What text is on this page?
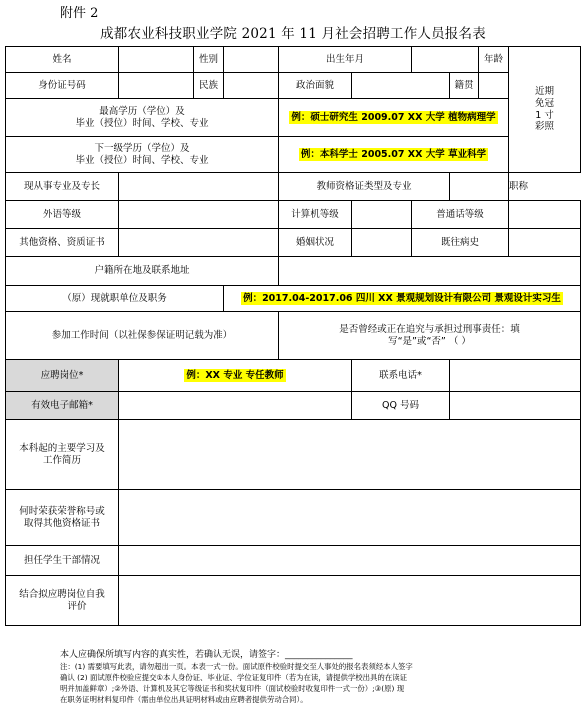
附件 2
成都农业科技职业学院 2021 年 11 月社会招聘工作人员报名表
姓名		性别		出生年月				年龄	近期
免冠
1 寸
彩照

身份证号码		民族		政治面貌			籍贯		

最高学历（学位）及
毕业（授位）时间、学校、专业				例：硕士研究生 2009.07 XX 大学 植物病理学					

下一级学历（学位）及
毕业（授位）时间、学校、专业				例：本科学士 2005.07 XX 大学 草业科学					
现从事专业及专长				教师资格证类型及专业					职称
外语等级				计算机等级		普通话等级			
其他资格、资质证书				婚姻状况		既往病史			
户籍所在地及联系地址									
（原）现就职单位及职务			例：2017.04-2017.06 四川 XX 景观规划设计有限公司 景观设计实习生						
参加工作时间（以社保参保证明记载为准）				是否曾经或正在追究与承担过刑事责任：填
写“是”或“否” （ ）					

应聘岗位*	例：XX 专业 专任教师				联系电话*				
有效电子邮箱*					QQ 号码				

本科起的主要学习及
工作简历									

何时荣获荣誉称号或
取得其他资格证书									

担任学生干部情况									

结合拟应聘岗位自我
评价									

本人应确保所填写内容的真实性，若确认无误，请签字：_______________
注：(1) 需要填写此表，请勿超出一页。本表一式一份。面试原件校验时提交至人事处的报名表须经本人签字
确认 (2) 面试原件校验应提交①本人身份证、毕业证、学位证复印件（若为在读，请提供学校出具的在读证
明并加盖鲜章）;②外语、计算机及其它等级证书和奖状复印件（面试校验时收复印件一式一份）;③(原) 现
在职务证明材料复印件（需由单位出具证明材料或由应聘者提供劳动合同）。
